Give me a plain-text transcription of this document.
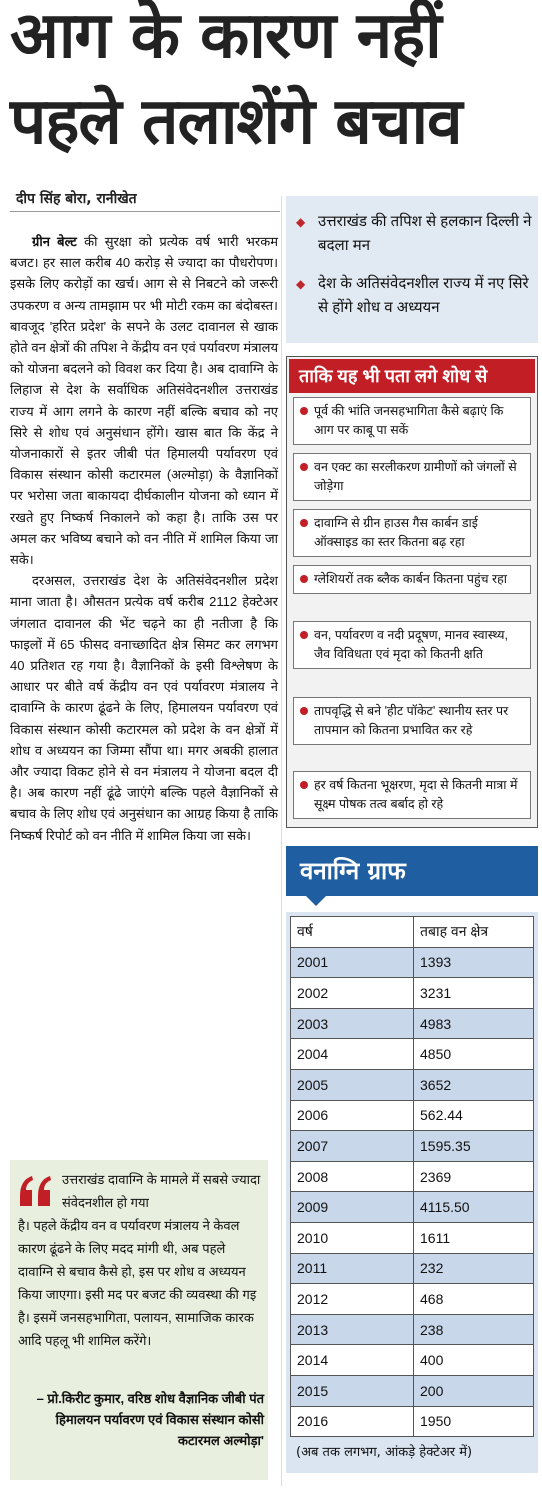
आग के कारण नहीं
पहले तलाशेंगे बचाव
दीप सिंह बोरा, रानीखेत

ग्रीन बेल्ट की सुरक्षा को प्रत्येक वर्ष भारी भरकम बजट। हर साल करीब 40 करोड़ से ज्यादा का पौधरोपण। इसके लिए करोड़ों का खर्च। आग से से निबटने को जरूरी उपकरण व अन्य तामझाम पर भी मोटी रकम का बंदोबस्त। बावजूद 'हरित प्रदेश' के सपने के उलट दावानल से खाक होते वन क्षेत्रों की तपिश ने केंद्रीय वन एवं पर्यावरण मंत्रालय को योजना बदलने को विवश कर दिया है। अब दावाग्नि के लिहाज से देश के सर्वाधिक अतिसंवेदनशील उत्तराखंड राज्य में आग लगने के कारण नहीं बल्कि बचाव को नए सिरे से शोध एवं अनुसंधान होंगे। खास बात कि केंद्र ने योजनाकारों से इतर जीबी पंत हिमालयी पर्यावरण एवं विकास संस्थान कोसी कटारमल (अल्मोड़ा) के वैज्ञानिकों पर भरोसा जता बाकायदा दीर्घकालीन योजना को ध्यान में रखते हुए निष्कर्ष निकालने को कहा है। ताकि उस पर अमल कर भविष्य बचाने को वन नीति में शामिल किया जा सके।

दरअसल, उत्तराखंड देश के अतिसंवेदनशील प्रदेश माना जाता है। औसतन प्रत्येक वर्ष करीब 2112 हेक्टेअर जंगलात दावानल की भेंट चढ़ने का ही नतीजा है कि फाइलों में 65 फीसद वनाच्छादित क्षेत्र सिमट कर लगभग 40 प्रतिशत रह गया है। वैज्ञानिकों के इसी विश्लेषण के आधार पर बीते वर्ष केंद्रीय वन एवं पर्यावरण मंत्रालय ने दावाग्नि के कारण ढूंढने के लिए, हिमालयन पर्यावरण एवं विकास संस्थान कोसी कटारमल को प्रदेश के वन क्षेत्रों में शोध व अध्ययन का जिम्मा सौंपा था। मगर अबकी हालात और ज्यादा विकट होने से वन मंत्रालय ने योजना बदल दी है। अब कारण नहीं ढूंढे जाएंगे बल्कि पहले वैज्ञानिकों से बचाव के लिए शोध एवं अनुसंधान का आग्रह किया है ताकि निष्कर्ष रिपोर्ट को वन नीति में शामिल किया जा सके।

◆ उत्तराखंड की तपिश से हलकान दिल्ली ने बदला मन
◆ देश के अतिसंवेदनशील राज्य में नए सिरे से होंगे शोध व अध्ययन
ताकि यह भी पता लगे शोध से
पूर्व की भांति जनसहभागिता कैसे बढ़ाएं कि आग पर काबू पा सकें
वन एक्ट का सरलीकरण ग्रामीणों को जंगलों से जोड़ेगा
दावाग्नि से ग्रीन हाउस गैस कार्बन डाई ऑक्साइड का स्तर कितना बढ़ रहा
ग्लेशियरों तक ब्लैक कार्बन कितना पहुंच रहा
वन, पर्यावरण व नदी प्रदूषण, मानव स्वास्थ्य, जैव विविधता एवं मृदा को कितनी क्षति
तापवृद्धि से बने 'हीट पॉकेट' स्थानीय स्तर पर तापमान को कितना प्रभावित कर रहे
हर वर्ष कितना भूक्षरण, मृदा से कितनी मात्रा में सूक्ष्म पोषक तत्व बर्बाद हो रहे
वनाग्नि ग्राफ
वर्ष	तबाह वन क्षेत्र
2001	1393
2002	3231
2003	4983
2004	4850
2005	3652
2006	562.44
2007	1595.35
2008	2369
2009	4115.50
2010	1611
2011	232
2012	468
2013	238
2014	400
2015	200
2016	1950
(अब तक लगभग, आंकड़े हेक्टेअर में)
उत्तराखंड दावाग्नि के मामले में सबसे ज्यादा संवेदनशील हो गया
है। पहले केंद्रीय वन व पर्यावरण मंत्रालय ने केवल कारण ढूंढने के लिए मदद मांगी थी, अब पहले दावाग्नि से बचाव कैसे हो, इस पर शोध व अध्ययन किया जाएगा। इसी मद पर बजट की व्यवस्था की गइ है। इसमें जनसहभागिता, पलायन, सामाजिक कारक आदि पहलू भी शामिल करेंगे।
– प्रो.किरीट कुमार, वरिष्ठ शोध वैज्ञानिक जीबी पंत हिमालयन पर्यावरण एवं विकास संस्थान कोसी कटारमल अल्मोड़ा'
